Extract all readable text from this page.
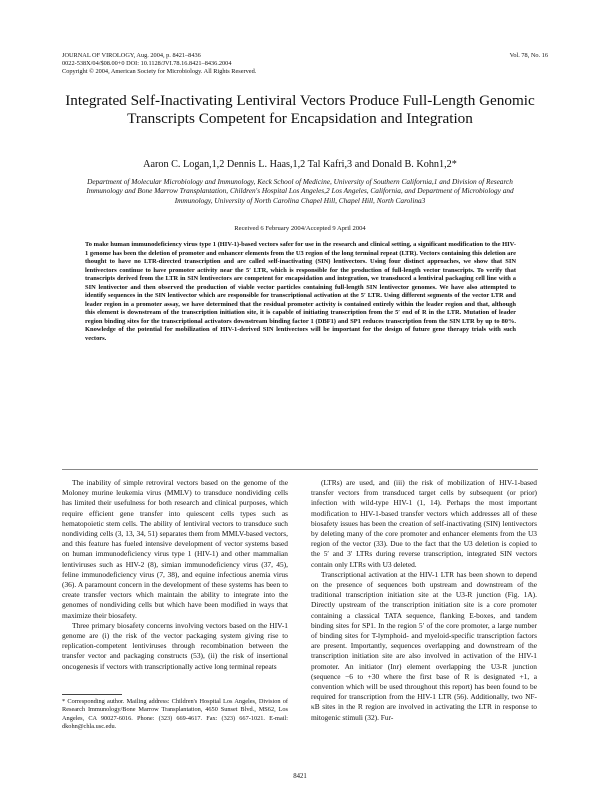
JOURNAL OF VIROLOGY, Aug. 2004, p. 8421–8436
0022-538X/04/$08.00+0 DOI: 10.1128/JVI.78.16.8421–8436.2004
Copyright © 2004, American Society for Microbiology. All Rights Reserved.
Vol. 78, No. 16
Integrated Self-Inactivating Lentiviral Vectors Produce Full-Length Genomic Transcripts Competent for Encapsidation and Integration
Aaron C. Logan,1,2 Dennis L. Haas,1,2 Tal Kafri,3 and Donald B. Kohn1,2*
Department of Molecular Microbiology and Immunology, Keck School of Medicine, University of Southern California,1 and Division of Research Immunology and Bone Marrow Transplantation, Children's Hospital Los Angeles,2 Los Angeles, California, and Department of Microbiology and Immunology, University of North Carolina Chapel Hill, Chapel Hill, North Carolina3
Received 6 February 2004/Accepted 9 April 2004
To make human immunodeficiency virus type 1 (HIV-1)-based vectors safer for use in the research and clinical setting, a significant modification to the HIV-1 genome has been the deletion of promoter and enhancer elements from the U3 region of the long terminal repeat (LTR). Vectors containing this deletion are thought to have no LTR-directed transcription and are called self-inactivating (SIN) lentivectors. Using four distinct approaches, we show that SIN lentivectors continue to have promoter activity near the 5′ LTR, which is responsible for the production of full-length vector transcripts. To verify that transcripts derived from the LTR in SIN lentivectors are competent for encapsidation and integration, we transduced a lentiviral packaging cell line with a SIN lentivector and then observed the production of viable vector particles containing full-length SIN lentivector genomes. We have also attempted to identify sequences in the SIN lentivector which are responsible for transcriptional activation at the 5′ LTR. Using different segments of the vector LTR and leader region in a promoter assay, we have determined that the residual promoter activity is contained entirely within the leader region and that, although this element is downstream of the transcription initiation site, it is capable of initiating transcription from the 5′ end of R in the LTR. Mutation of leader region binding sites for the transcriptional activators downstream binding factor 1 (DBF1) and SP1 reduces transcription from the SIN LTR by up to 80%. Knowledge of the potential for mobilization of HIV-1-derived SIN lentivectors will be important for the design of future gene therapy trials with such vectors.

The inability of simple retroviral vectors based on the genome of the Moloney murine leukemia virus (MMLV) to transduce nondividing cells has limited their usefulness for both research and clinical purposes, which require efficient gene transfer into quiescent cells types such as hematopoietic stem cells. The ability of lentiviral vectors to transduce such nondividing cells (3, 13, 34, 51) separates them from MMLV-based vectors, and this feature has fueled intensive development of vector systems based on human immunodeficiency virus type 1 (HIV-1) and other mammalian lentiviruses such as HIV-2 (8), simian immunodeficiency virus (37, 45), feline immunodeficiency virus (7, 38), and equine infectious anemia virus (36). A paramount concern in the development of these systems has been to create transfer vectors which maintain the ability to integrate into the genomes of nondividing cells but which have been modified in ways that maximize their biosafety.

Three primary biosafety concerns involving vectors based on the HIV-1 genome are (i) the risk of the vector packaging system giving rise to replication-competent lentiviruses through recombination between the transfer vector and packaging constructs (53), (ii) the risk of insertional oncogenesis if vectors with transcriptionally active long terminal repeats

(LTRs) are used, and (iii) the risk of mobilization of HIV-1-based transfer vectors from transduced target cells by subsequent (or prior) infection with wild-type HIV-1 (1, 14). Perhaps the most important modification to HIV-1-based transfer vectors which addresses all of these biosafety issues has been the creation of self-inactivating (SIN) lentivectors by deleting many of the core promoter and enhancer elements from the U3 region of the vector (33). Due to the fact that the U3 deletion is copied to the 5′ and 3′ LTRs during reverse transcription, integrated SIN vectors contain only LTRs with U3 deleted.

Transcriptional activation at the HIV-1 LTR has been shown to depend on the presence of sequences both upstream and downstream of the traditional transcription initiation site at the U3-R junction (Fig. 1A). Directly upstream of the transcription initiation site is a core promoter containing a classical TATA sequence, flanking E-boxes, and tandem binding sites for SP1. In the region 5′ of the core promoter, a large number of binding sites for T-lymphoid- and myeloid-specific transcription factors are present. Importantly, sequences overlapping and downstream of the transcription initiation site are also involved in activation of the HIV-1 promoter. An initiator (Inr) element overlapping the U3-R junction (sequence −6 to +30 where the first base of R is designated +1, a convention which will be used throughout this report) has been found to be required for transcription from the HIV-1 LTR (56). Additionally, two NF-κB sites in the R region are involved in activating the LTR in response to mitogenic stimuli (32). Fur-

* Corresponding author. Mailing address: Children's Hospital Los Angeles, Division of Research Immunology/Bone Marrow Transplantation, 4650 Sunset Blvd., MS62, Los Angeles, CA 90027-6016. Phone: (323) 669-4617. Fax: (323) 667-1021. E-mail: dkohn@chla.usc.edu.
8421
